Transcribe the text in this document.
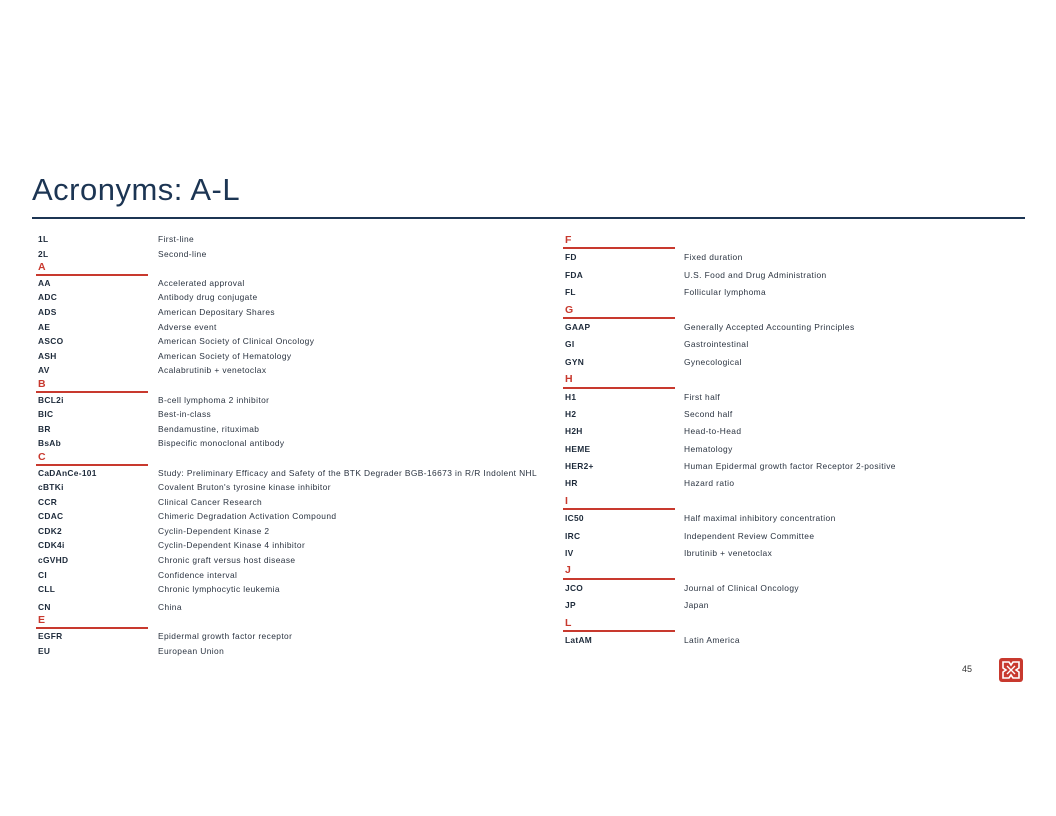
Acronyms: A-L
1L	First-line
2L	Second-line
A
AA	Accelerated approval
ADC	Antibody drug conjugate
ADS	American Depositary Shares
AE	Adverse event
ASCO	American Society of Clinical Oncology
ASH	American Society of Hematology
AV	Acalabrutinib + venetoclax
B
BCL2i	B-cell lymphoma 2 inhibitor
BIC	Best-in-class
BR	Bendamustine, rituximab
BsAb	Bispecific monoclonal antibody
C
CaDAnCe-101	Study: Preliminary Efficacy and Safety of the BTK Degrader BGB-16673 in R/R Indolent NHL
cBTKi	Covalent Bruton's tyrosine kinase inhibitor
CCR	Clinical Cancer Research
CDAC	Chimeric Degradation Activation Compound
CDK2	Cyclin-Dependent Kinase 2
CDK4i	Cyclin-Dependent Kinase 4 inhibitor
cGVHD	Chronic graft versus host disease
CI	Confidence interval
CLL	Chronic lymphocytic leukemia
CN	China
E
EGFR	Epidermal growth factor receptor
EU	European Union
F
FD	Fixed duration
FDA	U.S. Food and Drug Administration
FL	Follicular lymphoma
G
GAAP	Generally Accepted Accounting Principles
GI	Gastrointestinal
GYN	Gynecological
H
H1	First half
H2	Second half
H2H	Head-to-Head
HEME	Hematology
HER2+	Human Epidermal growth factor Receptor 2-positive
HR	Hazard ratio
I
IC50	Half maximal inhibitory concentration
IRC	Independent Review Committee
IV	Ibrutinib + venetoclax
J
JCO	Journal of Clinical Oncology
JP	Japan
L
LatAM	Latin America
45
